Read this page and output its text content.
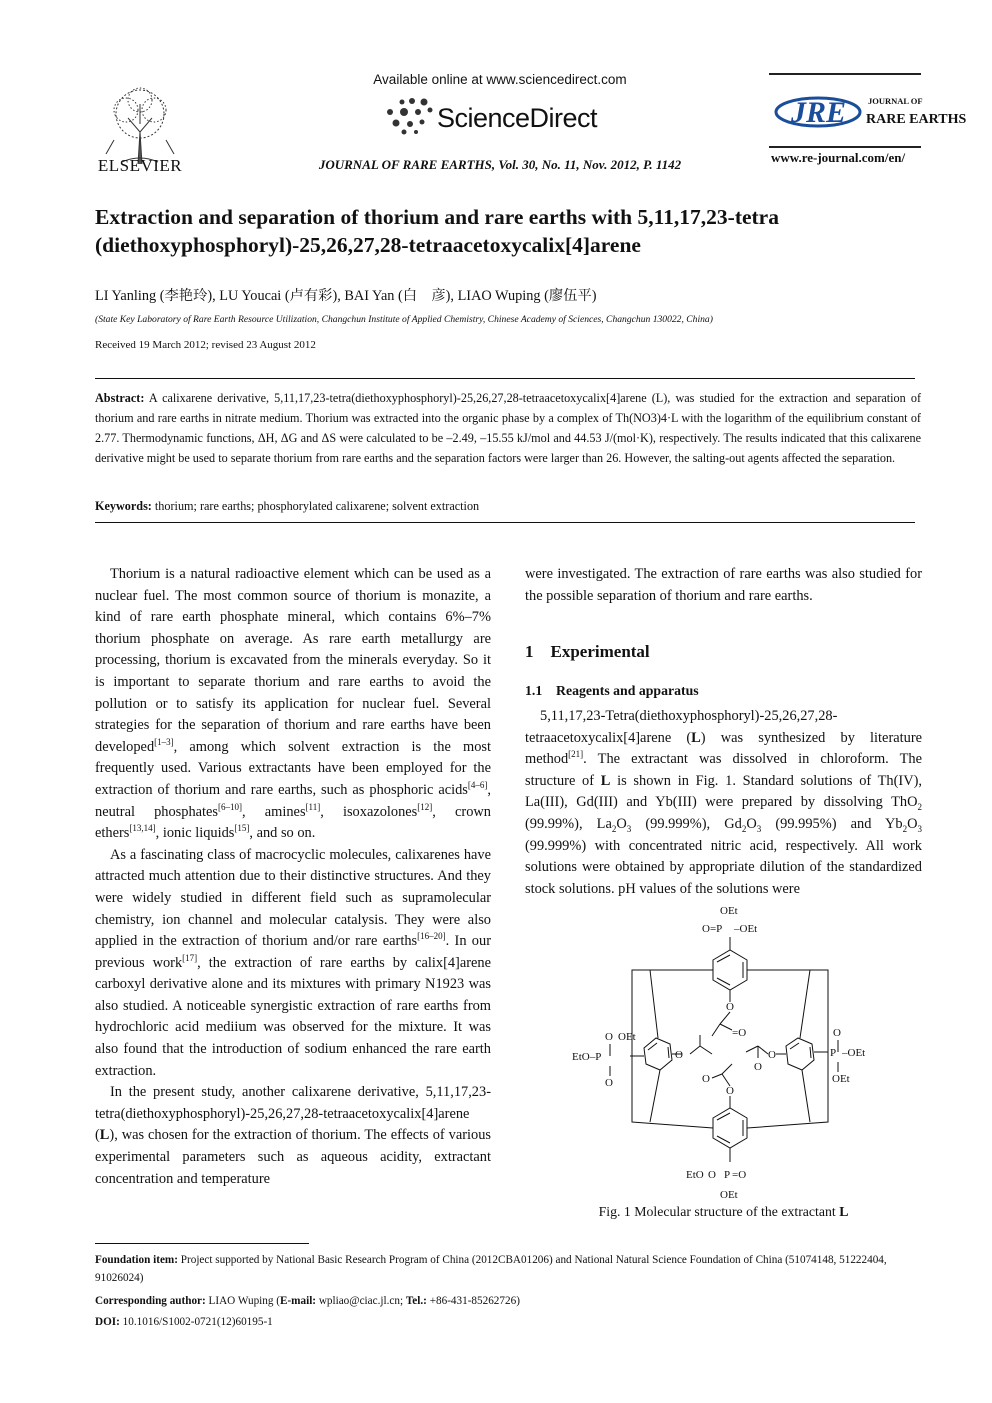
ELSEVIER
Available online at www.sciencedirect.com
ScienceDirect
JOURNAL OF RARE EARTHS, Vol. 30, No. 11, Nov. 2012, P. 1142
JRE	JOURNAL OF
RARE EARTHS
www.re-journal.com/en/
Extraction and separation of thorium and rare earths with 5,11,17,23-tetra
(diethoxyphosphoryl)-25,26,27,28-tetraacetoxycalix[4]arene
LI Yanling (李艳玲), LU Youcai (卢有彩), BAI Yan (白　彦), LIAO Wuping (廖伍平)
(State Key Laboratory of Rare Earth Resource Utilization, Changchun Institute of Applied Chemistry, Chinese Academy of Sciences, Changchun 130022, China)
Received 19 March 2012; revised 23 August 2012
Abstract: A calixarene derivative, 5,11,17,23-tetra(diethoxyphosphoryl)-25,26,27,28-tetraacetoxycalix[4]arene (L), was studied for the extraction and separation of thorium and rare earths in nitrate medium. Thorium was extracted into the organic phase by a complex of Th(NO3)4·L with the logarithm of the equilibrium constant of 2.77. Thermodynamic functions, ΔH, ΔG and ΔS were calculated to be –2.49, –15.55 kJ/mol and 44.53 J/(mol·K), respectively. The results indicated that this calixarene derivative might be used to separate thorium from rare earths and the separation factors were larger than 26. However, the salting-out agents affected the separation.
Keywords: thorium; rare earths; phosphorylated calixarene; solvent extraction

Thorium is a natural radioactive element which can be used as a nuclear fuel. The most common source of thorium is monazite, a kind of rare earth phosphate mineral, which contains 6%–7% thorium phosphate on average. As rare earth metallurgy are processing, thorium is excavated from the minerals everyday. So it is important to separate thorium and rare earths to avoid the pollution or to satisfy its application for nuclear fuel. Several strategies for the separation of thorium and rare earths have been developed[1–3], among which solvent extraction is the most frequently used. Various extractants have been employed for the extraction of thorium and rare earths, such as phosphoric acids[4–6], neutral phosphates[6–10], amines[11], isoxazolones[12], crown ethers[13,14], ionic liquids[15], and so on.

As a fascinating class of macrocyclic molecules, calixarenes have attracted much attention due to their distinctive structures. And they were widely studied in different field such as supramolecular chemistry, ion channel and molecular catalysis. They were also applied in the extraction of thorium and/or rare earths[16–20]. In our previous work[17], the extraction of rare earths by calix[4]arene carboxyl derivative alone and its mixtures with primary N1923 was also studied. A noticeable synergistic extraction of rare earths from hydrochloric acid mediium was observed for the mixture. It was also found that the introduction of sodium enhanced the rare earth extraction.

In the present study, another calixarene derivative, 5,11,17,23-tetra(diethoxyphosphoryl)-25,26,27,28-tetraacetoxycalix[4]arene (L), was chosen for the extraction of thorium. The effects of various experimental parameters such as aqueous acidity, extractant concentration and temperature

were investigated. The extraction of rare earths was also studied for the possible separation of thorium and rare earths.

1　Experimental
1.1　Reagents and apparatus

5,11,17,23-Tetra(diethoxyphosphoryl)-25,26,27,28-tetraacetoxycalix[4]arene (L) was synthesized by literature method[21]. The extractant was dissolved in chloroform. The structure of L is shown in Fig. 1. Standard solutions of Th(IV), La(III), Gd(III) and Yb(III) were prepared by dissolving ThO$_2$ (99.99%), $La_2O_3$ (99.999%), $Gd_2O_3$ (99.995%) and $Yb_2O_3$ (99.999%) with concentrated nitric acid, respectively. All work solutions were obtained by appropriate dilution of the standardized stock solutions. pH values of the solutions were

OEt
O=P –OEt
O
=O
O OEt
EtO–P
O
O
O
P –OEt
OEt
O
O
O
O
EtO O P =O
OEt
Fig. 1 Molecular structure of the extractant L
Foundation item: Project supported by National Basic Research Program of China (2012CBA01206) and National Natural Science Foundation of China (51074148, 51222404, 91026024)
Corresponding author: LIAO Wuping (E-mail: wpliao@ciac.jl.cn; Tel.: +86-431-85262726)
DOI: 10.1016/S1002-0721(12)60195-1
